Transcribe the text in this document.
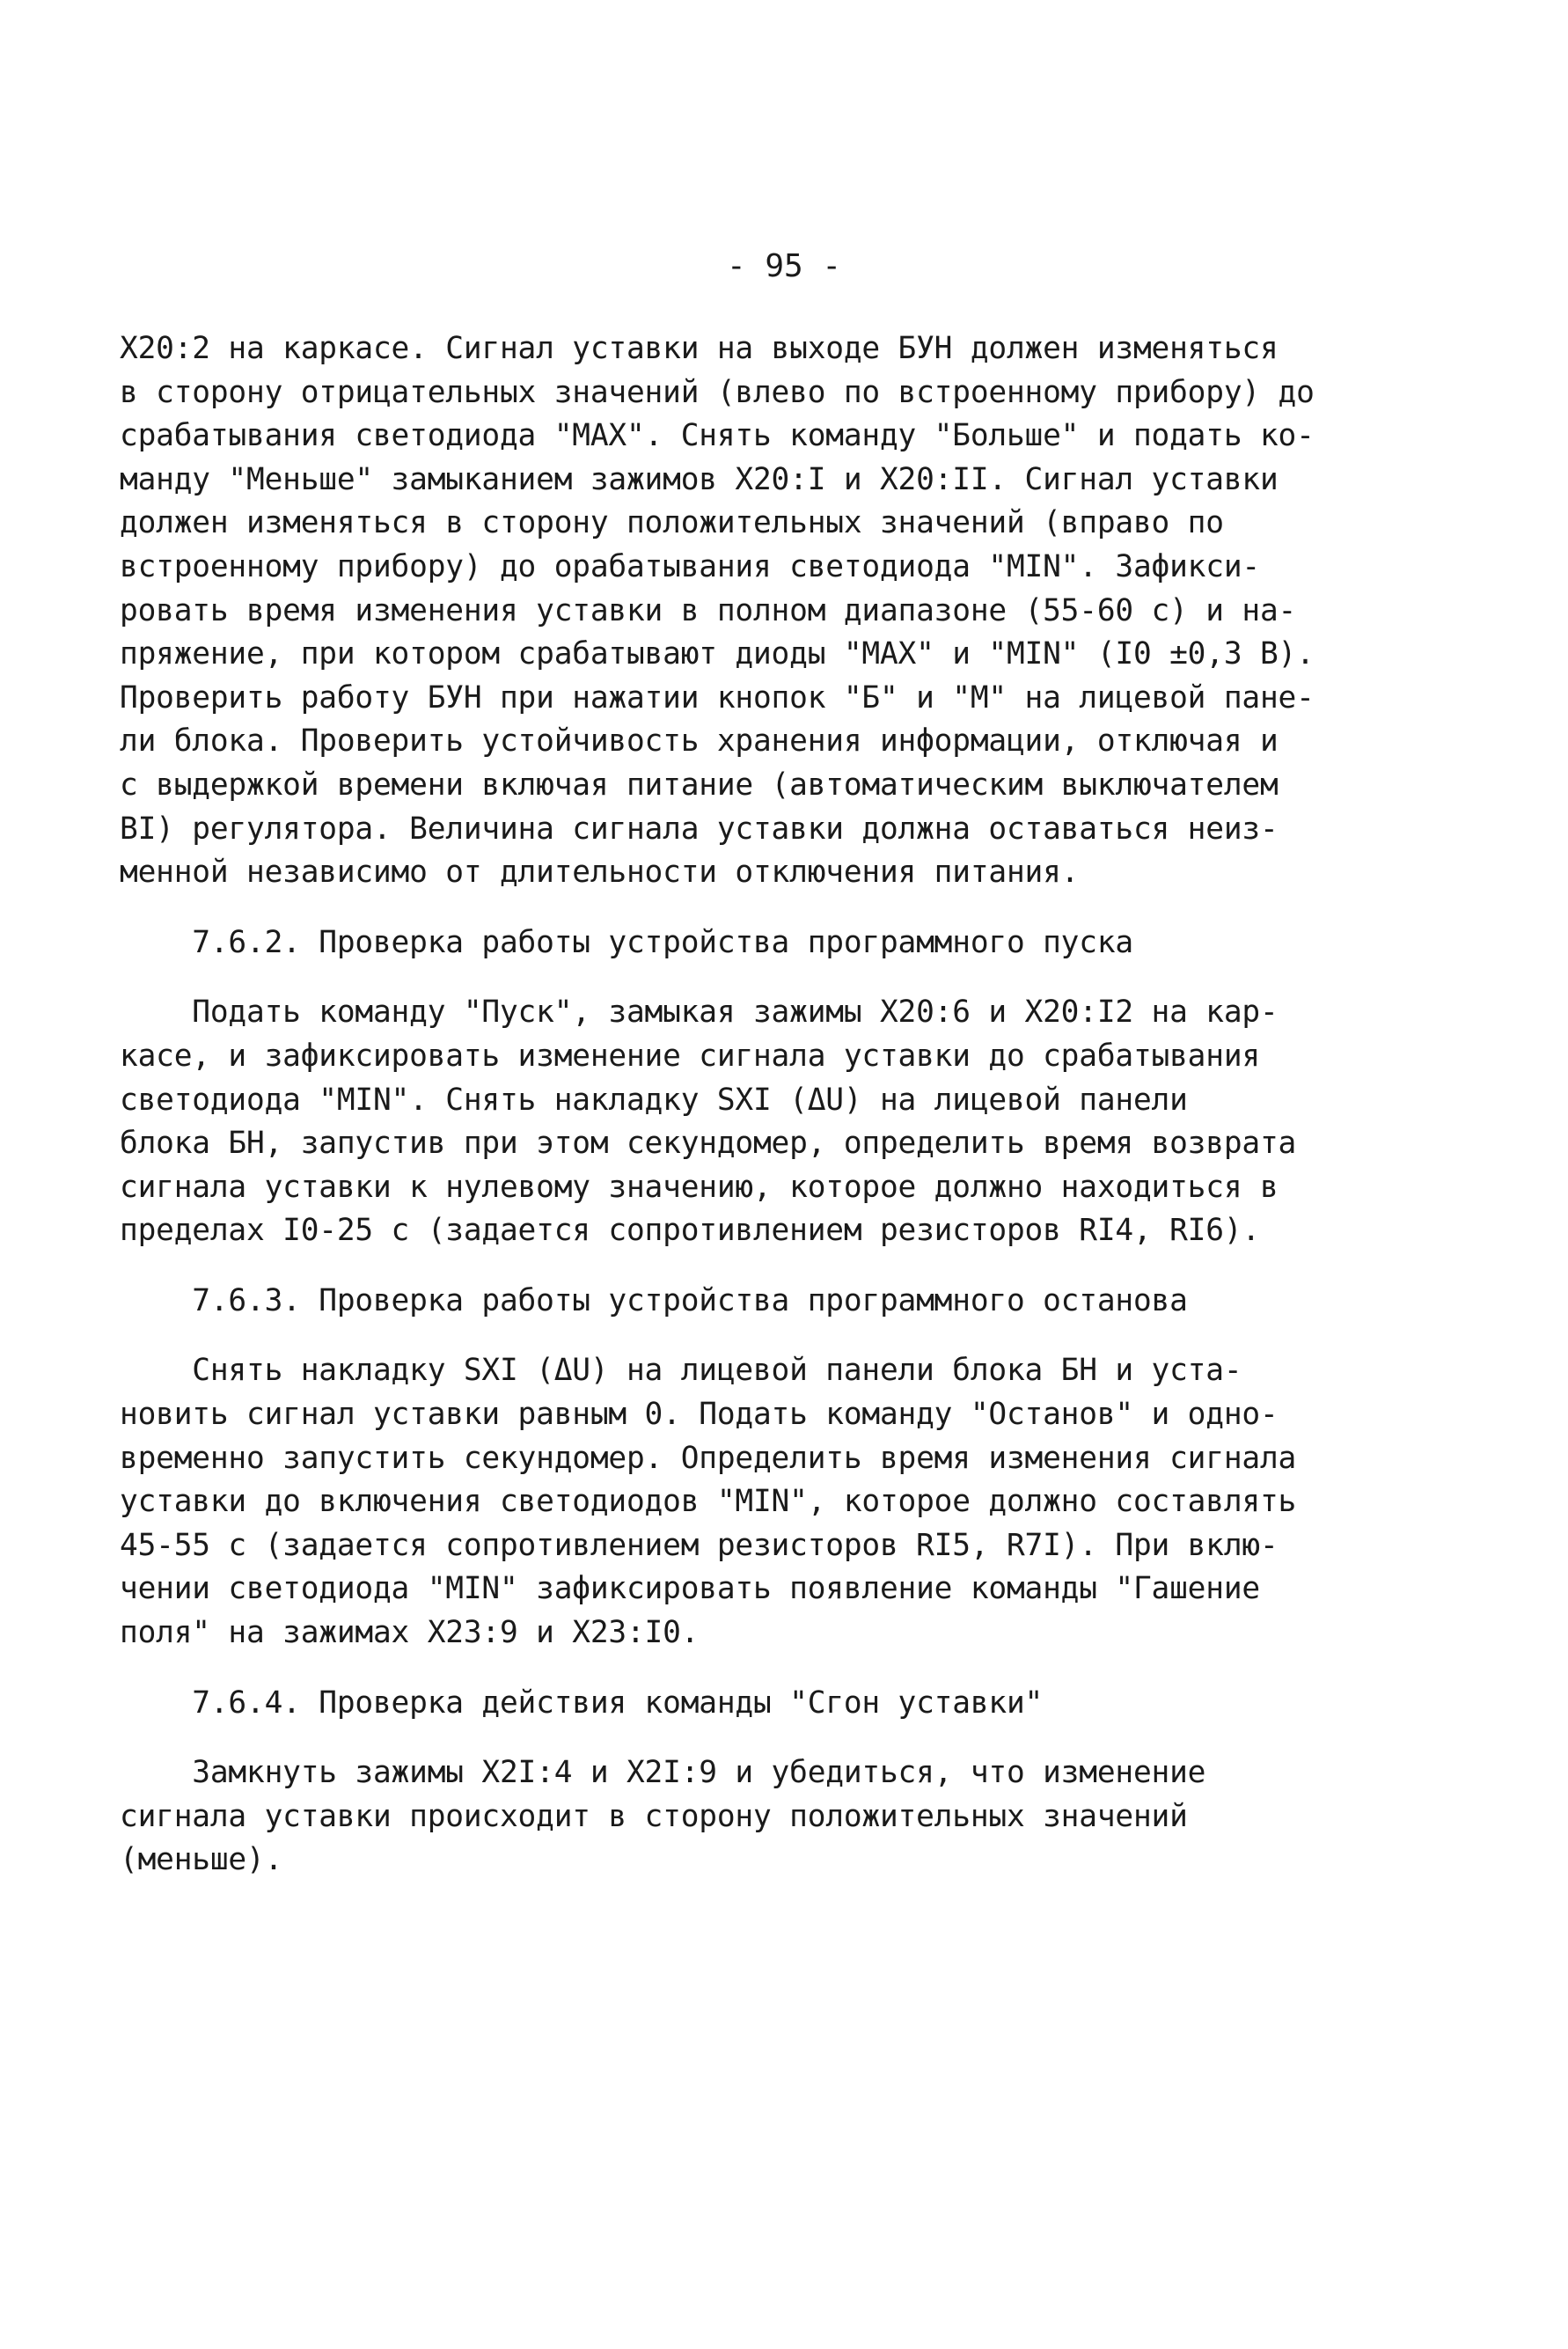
- 95 -
Х20:2 на каркасе. Сигнал уставки на выходе БУН должен изменяться
в сторону отрицательных значений (влево по встроенному прибору) до
срабатывания светодиода "МАХ". Снять команду "Больше" и подать ко-
манду "Меньше" замыканием зажимов Х20:I и Х20:II. Сигнал уставки
должен изменяться в сторону положительных значений (вправо по
встроенному прибору) до орабатывания светодиода "MIN". Зафикси-
ровать время изменения уставки в полном диапазоне (55-60 с) и на-
пряжение, при котором срабатывают диоды "МАХ" и "MIN" (I0 ±0,3 В).
Проверить работу БУН при нажатии кнопок "Б" и "М" на лицевой пане-
ли блока. Проверить устойчивость хранения информации, отключая и
с выдержкой времени включая питание (автоматическим выключателем
BI) регулятора. Величина сигнала уставки должна оставаться неиз-
менной независимо от длительности отключения питания.
7.6.2. Проверка работы устройства программного пуска
Подать команду "Пуск", замыкая зажимы Х20:6 и Х20:I2 на кар-
касе, и зафиксировать изменение сигнала уставки до срабатывания
светодиода "MIN". Снять накладку SXI (ΔU) на лицевой панели
блока БН, запустив при этом секундомер, определить время возврата
сигнала уставки к нулевому значению, которое должно находиться в
пределах I0-25 с (задается сопротивлением резисторов RI4, RI6).
7.6.3. Проверка работы устройства программного останова
Снять накладку SXI (ΔU) на лицевой панели блока БН и уста-
новить сигнал уставки равным 0. Подать команду "Останов" и одно-
временно запустить секундомер. Определить время изменения сигнала
уставки до включения светодиодов "MIN", которое должно составлять
45-55 с (задается сопротивлением резисторов RI5, R7I). При вклю-
чении светодиода "MIN" зафиксировать появление команды "Гашение
поля" на зажимах Х23:9 и Х23:I0.
7.6.4. Проверка действия команды "Сгон уставки"
Замкнуть зажимы Х2I:4 и Х2I:9 и убедиться, что изменение
сигнала уставки происходит в сторону положительных значений
(меньше).
